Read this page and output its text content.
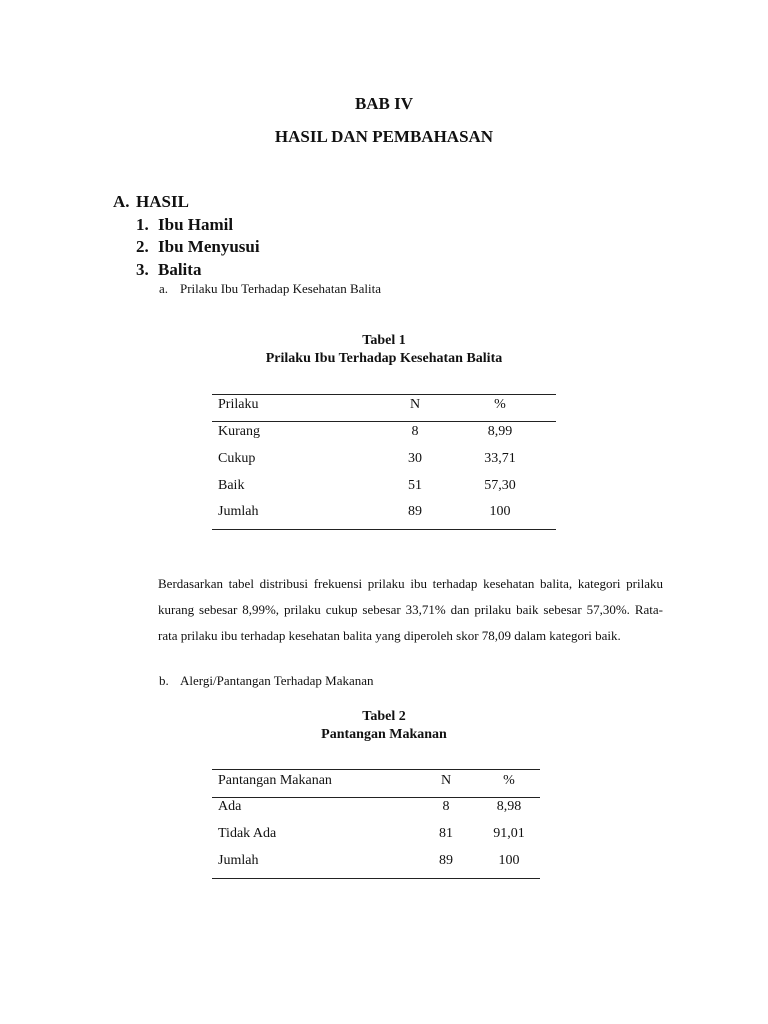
BAB IV
HASIL DAN PEMBAHASAN
A. HASIL
1. Ibu Hamil
2. Ibu Menyusui
3. Balita
a. Prilaku Ibu Terhadap Kesehatan Balita
Tabel 1
Prilaku Ibu Terhadap Kesehatan Balita
Prilaku	N	%
Kurang	8	8,99
Cukup	30	33,71
Baik	51	57,30
Jumlah	89	100
Berdasarkan tabel distribusi frekuensi prilaku ibu terhadap kesehatan balita, kategori prilaku
kurang sebesar 8,99%, prilaku cukup sebesar 33,71% dan prilaku baik sebesar 57,30%. Rata-
rata prilaku ibu terhadap kesehatan balita yang diperoleh skor 78,09 dalam kategori baik.
b. Alergi/Pantangan Terhadap Makanan
Tabel 2
Pantangan Makanan
Pantangan Makanan	N	%
Ada	8	8,98
Tidak Ada	81	91,01
Jumlah	89	100
